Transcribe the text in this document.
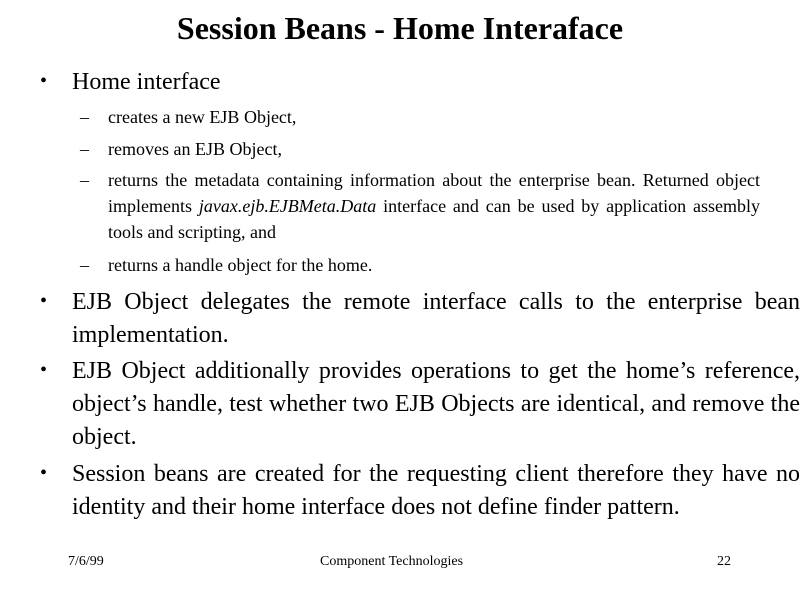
Session Beans - Home Interaface
• Home interface
– creates a new EJB Object,
– removes an EJB Object,
– returns the metadata containing information about the enterprise bean. Returned object implements javax.ejb.EJBMeta.Data interface and can be used by application assembly tools and scripting, and
– returns a handle object for the home.
• EJB Object delegates the remote interface calls to the enterprise bean implementation.
• EJB Object additionally provides operations to get the home’s reference, object’s handle, test whether two EJB Objects are identical, and remove the object.
• Session beans are created for the requesting client therefore they have no identity and their home interface does not define finder pattern.
7/6/99	Component Technologies	22
